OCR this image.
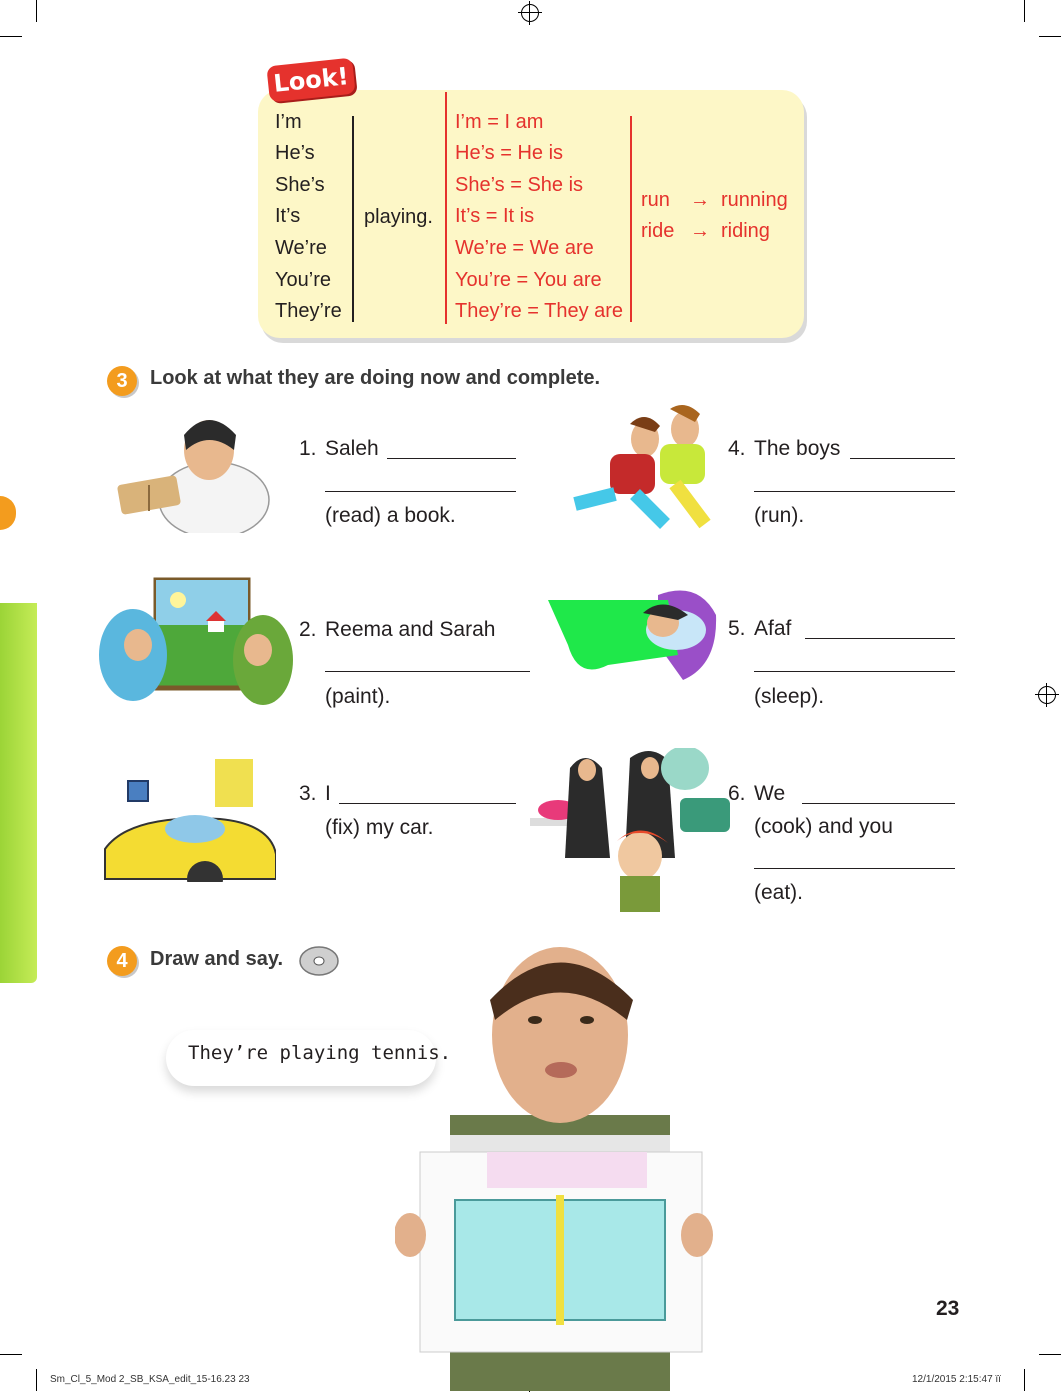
Look!
I’m
He’s
She’s
It’s
We’re
You’re
They’re
playing.
I’m = I am
He’s = He is
She’s = She is
It’s = It is
We’re = We are
You’re = You are
They’re = They are
run → running
ride → riding
3	Look at what they are doing now and complete.
1. Saleh
(read) a book.
2. Reema and Sarah
(paint).
3. I
(fix) my car.
4. The boys
(run).
5. Afaf
(sleep).
6. We
(cook) and you
(eat).
4	Draw and say.
They’re playing tennis.
23
Sm_Cl_5_Mod 2_SB_KSA_edit_15-16.23 23	12/1/2015 2:15:47 ïï
